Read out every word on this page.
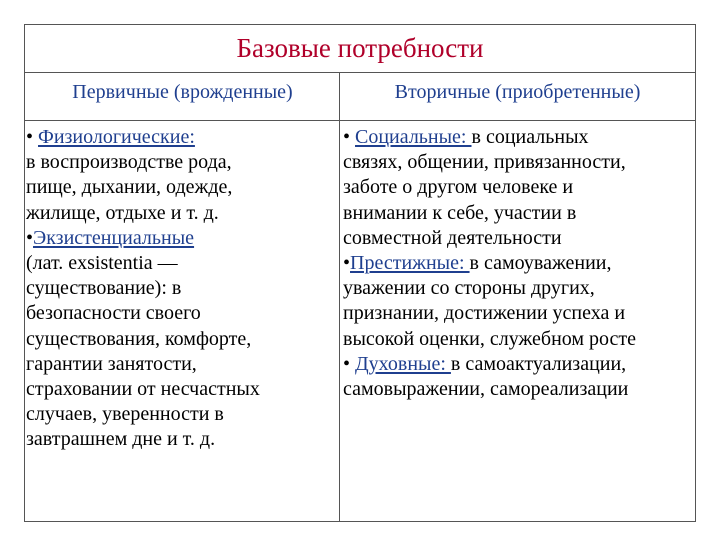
Базовые потребности
Первичные (врожденные)	Вторичные (приобретенные)
• Физиологические:
в воспроизводстве рода,
пище, дыхании, одежде,
жилище, отдыхе и т. д.
•Экзистенциальные
(лат. exsistentia —
существование): в
безопасности своего
существования, комфорте,
гарантии занятости,
страховании от несчастных
случаев, уверенности в
завтрашнем дне и т. д.
• Социальные: в социальных
связях, общении, привязанности,
заботе о другом человеке и
внимании к себе, участии в
совместной деятельности
•Престижные: в самоуважении,
уважении со стороны других,
признании, достижении успеха и
высокой оценки, служебном росте
• Духовные: в самоактуализации,
самовыражении, самореализации
